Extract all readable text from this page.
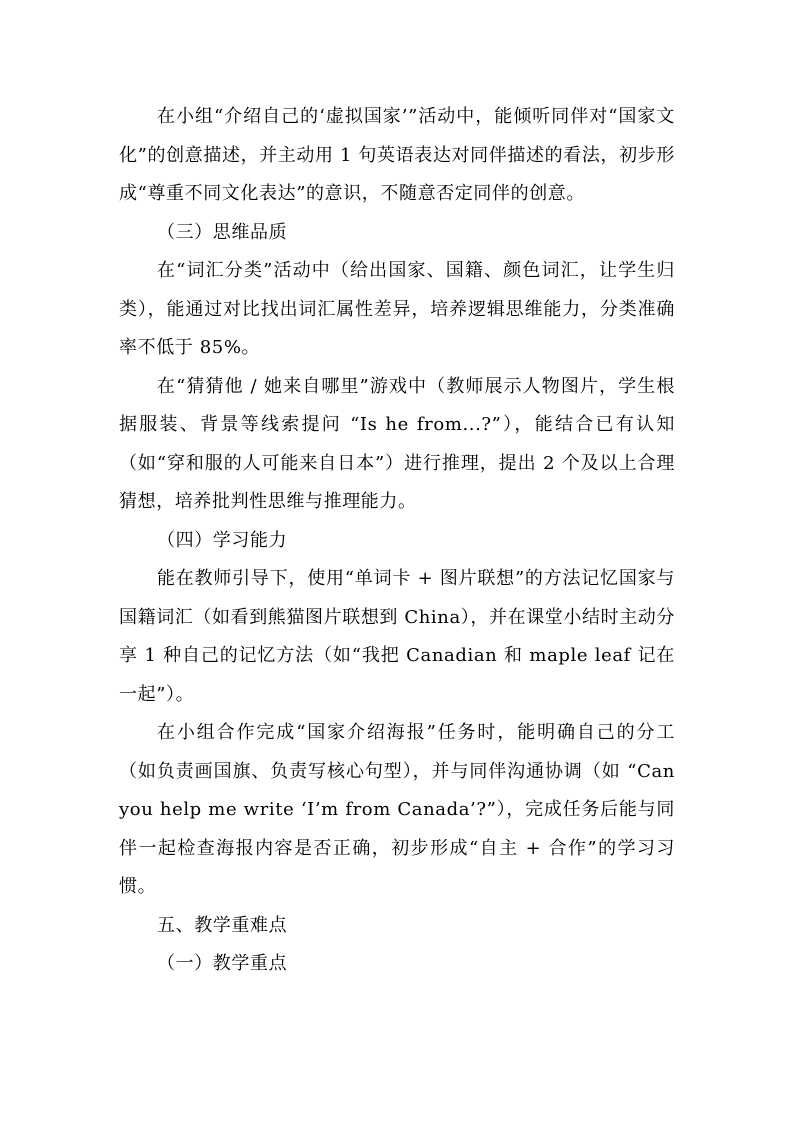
在小组“介绍自己的‘虚拟国家’”活动中，能倾听同伴对“国家文化”的创意描述，并主动用 1 句英语表达对同伴描述的看法，初步形成“尊重不同文化表达”的意识，不随意否定同伴的创意。

（三）思维品质

在“词汇分类”活动中（给出国家、国籍、颜色词汇，让学生归类），能通过对比找出词汇属性差异，培养逻辑思维能力，分类准确率不低于 85%。

在“猜猜他 / 她来自哪里”游戏中（教师展示人物图片，学生根据服装、背景等线索提问 “Is he from...?”），能结合已有认知（如“穿和服的人可能来自日本”）进行推理，提出 2 个及以上合理猜想，培养批判性思维与推理能力。

（四）学习能力

能在教师引导下，使用“单词卡 + 图片联想”的方法记忆国家与国籍词汇（如看到熊猫图片联想到 China），并在课堂小结时主动分享 1 种自己的记忆方法（如“我把 Canadian 和 maple leaf 记在一起”）。

在小组合作完成“国家介绍海报”任务时，能明确自己的分工（如负责画国旗、负责写核心句型），并与同伴沟通协调（如 “Can you help me write ‘I’m from Canada’?”），完成任务后能与同伴一起检查海报内容是否正确，初步形成“自主 + 合作”的学习习惯。

五、教学重难点

（一）教学重点
